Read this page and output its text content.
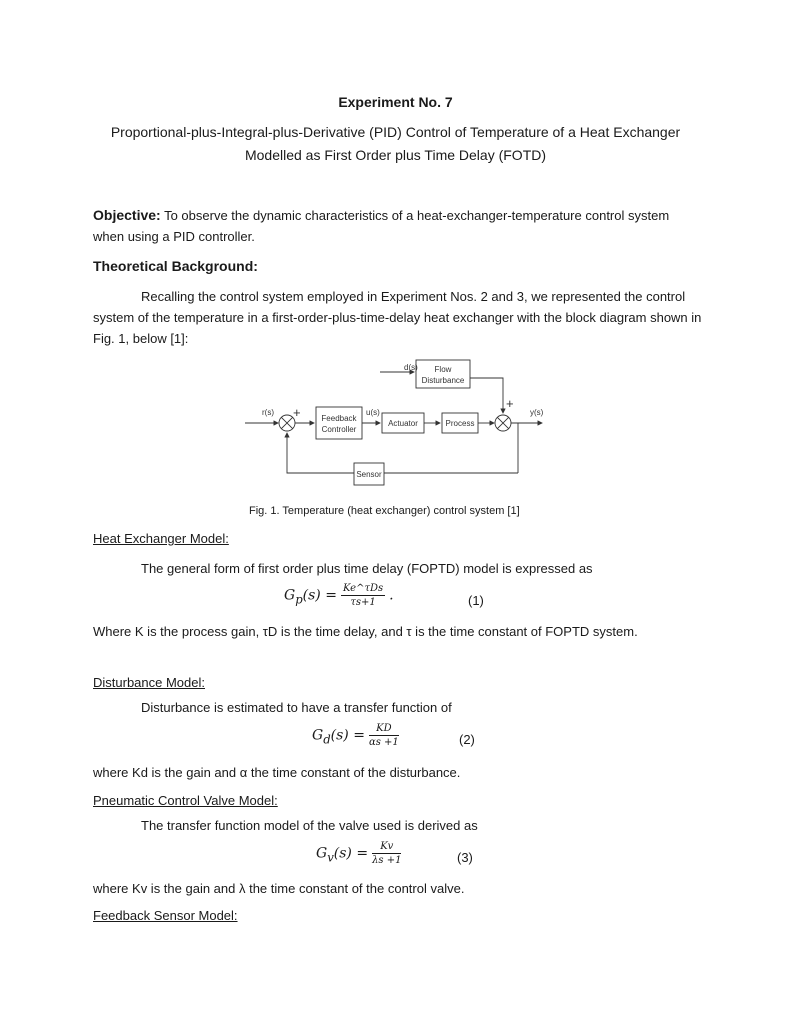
Experiment No. 7
Proportional-plus-Integral-plus-Derivative (PID) Control of Temperature of a Heat Exchanger
Modelled as First Order plus Time Delay (FOTD)
Objective: To observe the dynamic characteristics of a heat-exchanger-temperature control system when using a PID controller.
Theoretical Background:
Recalling the control system employed in Experiment Nos. 2 and 3, we represented the control system of the temperature in a first-order-plus-time-delay heat exchanger with the block diagram shown in Fig. 1, below [1]:
Feedback
Controller
Actuator	Process
Flow
Disturbance
Sensor
r(s)	u(s)
d(s)
y(s)
+
+
Fig. 1. Temperature (heat exchanger) control system [1]
Heat Exchanger Model:
The general form of first order plus time delay (FOPTD) model is expressed as
$G_p(s) = \frac{\text{Ke\textasciicircum{}τDs}}{\tau s+1}$ .	(1)
Where K is the process gain, τD is the time delay, and τ is the time constant of FOPTD system.
Disturbance Model:
Disturbance is estimated to have a transfer function of
$G_d(s) = \frac{KD}{\alpha s +1}$	(2)
where Kd is the gain and α the time constant of the disturbance.
Pneumatic Control Valve Model:
The transfer function model of the valve used is derived as
$G_v(s) = \frac{Kv}{\lambda s +1}$	(3)
where Kv is the gain and λ the time constant of the control valve.
Feedback Sensor Model:
